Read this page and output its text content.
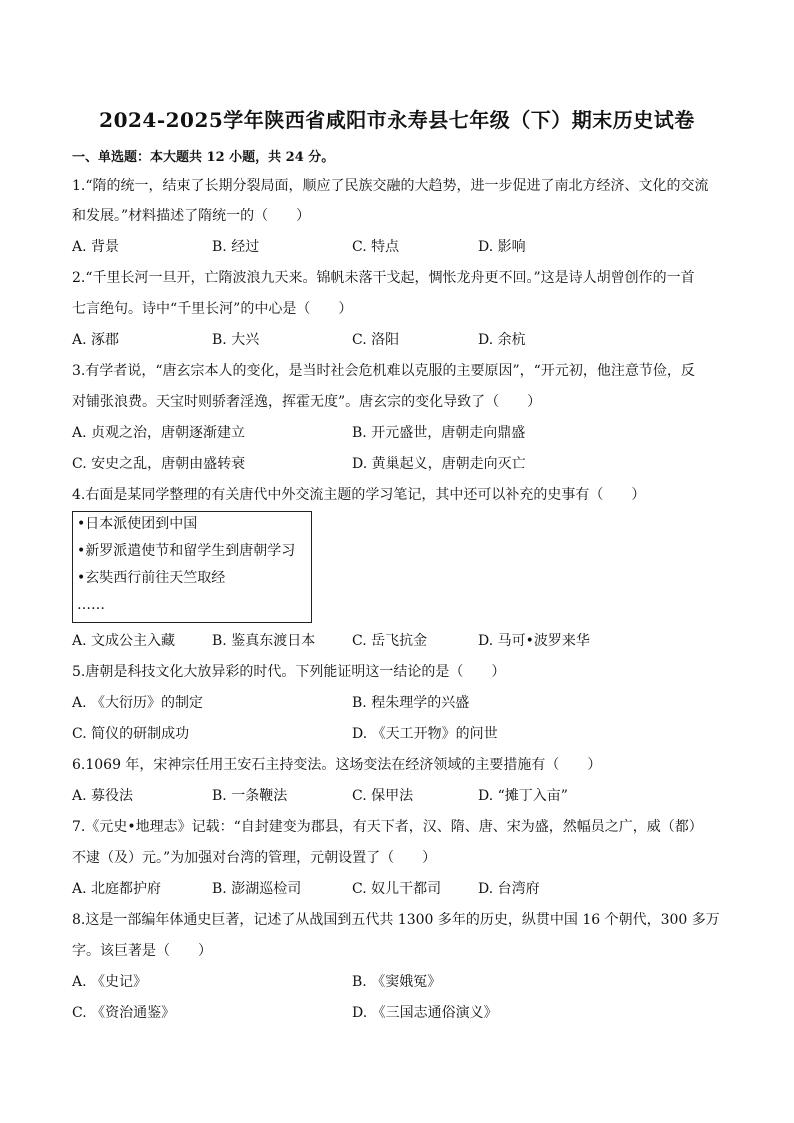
2024-2025学年陕西省咸阳市永寿县七年级（下）期末历史试卷
一、单选题：本大题共 12 小题，共 24 分。
1.“隋的统一，结束了长期分裂局面，顺应了民族交融的大趋势，进一步促进了南北方经济、文化的交流
和发展。”材料描述了隋统一的（　　）
A. 背景	B. 经过	C. 特点	D. 影响
2.“千里长河一旦开，亡隋波浪九天来。锦帆未落干戈起，惆怅龙舟更不回。”这是诗人胡曾创作的一首
七言绝句。诗中“千里长河”的中心是（　　）
A. 涿郡	B. 大兴	C. 洛阳	D. 余杭
3.有学者说，“唐玄宗本人的变化，是当时社会危机难以克服的主要原因”，“开元初，他注意节俭，反
对铺张浪费。天宝时则骄奢淫逸，挥霍无度”。唐玄宗的变化导致了（　　）
A. 贞观之治，唐朝逐渐建立	B. 开元盛世，唐朝走向鼎盛
C. 安史之乱，唐朝由盛转衰	D. 黄巢起义，唐朝走向灭亡
4.右面是某同学整理的有关唐代中外交流主题的学习笔记，其中还可以补充的史事有（　　）
•日本派使团到中国
•新罗派遣使节和留学生到唐朝学习
•玄奘西行前往天竺取经
……
A. 文成公主入藏	B. 鉴真东渡日本	C. 岳飞抗金	D. 马可•波罗来华
5.唐朝是科技文化大放异彩的时代。下列能证明这一结论的是（　　）
A. 《大衍历》的制定	B. 程朱理学的兴盛
C. 简仪的研制成功	D. 《天工开物》的问世
6.1069 年，宋神宗任用王安石主持变法。这场变法在经济领域的主要措施有（　　）
A. 募役法	B. 一条鞭法	C. 保甲法	D. “摊丁入亩”
7.《元史•地理志》记载：“自封建变为郡县，有天下者，汉、隋、唐、宋为盛，然幅员之广，威（都）
不逮（及）元。”为加强对台湾的管理，元朝设置了（　　）
A. 北庭都护府	B. 澎湖巡检司	C. 奴儿干都司	D. 台湾府
8.这是一部编年体通史巨著，记述了从战国到五代共 1300 多年的历史，纵贯中国 16 个朝代，300 多万
字。该巨著是（　　）
A. 《史记》	B. 《窦娥冤》
C. 《资治通鉴》	D. 《三国志通俗演义》
